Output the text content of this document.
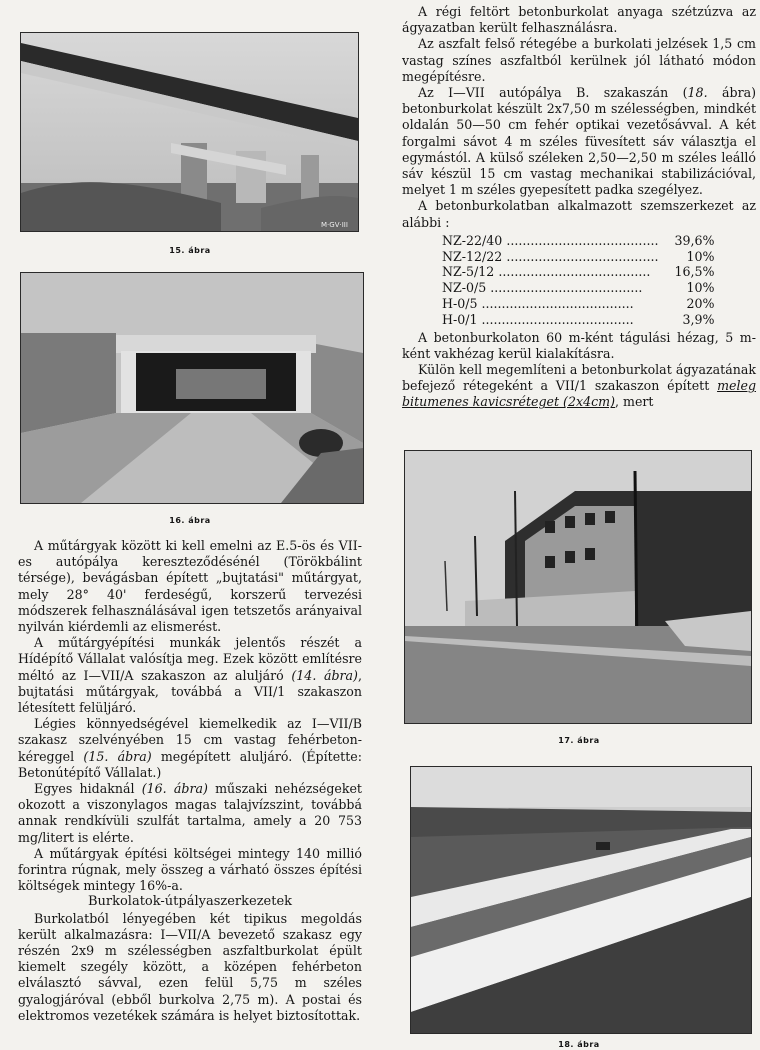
M·GV·III
15. ábra
16. ábra

A műtárgyak között ki kell emelni az E.5-ös és VII-es autópálya kereszteződésénél (Törökbálint térsége), bevágásban épített „bujtatási" műtárgyat, mely 28° 40' ferdeségű, korszerű tervezési módszerek felhasználásával igen tetszetős arányaival nyilván kiérdemli az elismerést.

A műtárgyépítési munkák jelentős részét a Hídépítő Vállalat valósítja meg. Ezek között említésre méltó az I—VII/A szakaszon az aluljáró (14. ábra), bujtatási műtárgyak, továbbá a VII/1 szakaszon létesített felüljáró.

Légies könnyedségével kiemelkedik az I—VII/B szakasz szelvényében 15 cm vastag fehérbeton-kéreggel (15. ábra) megépített aluljáró. (Építette: Betonútépítő Vállalat.)

Egyes hidaknál (16. ábra) műszaki nehézségeket okozott a viszonylagos magas talajvízszint, továbbá annak rendkívüli szulfát tartalma, amely a 20 753 mg/litert is elérte.

A műtárgyak építési költségei mintegy 140 millió forintra rúgnak, mely összeg a várható összes építési költségek mintegy 16%-a.

Burkolatok-útpályaszerkezetek

Burkolatból lényegében két tipikus megoldás került alkalmazásra: I—VII/A bevezető szakasz egy részén 2x9 m szélességben aszfaltburkolat épült kiemelt szegély között, a középen fehérbeton elválasztó sávval, ezen felül 5,75 m széles gyalogjáróval (ebből burkolva 2,75 m). A postai és elektromos vezetékek számára is helyet biztosítottak.

A régi feltört betonburkolat anyaga szétzúzva az ágyazatban került felhasználásra.

Az aszfalt felső rétegébe a burkolati jelzések 1,5 cm vastag színes aszfaltból kerülnek jól látható módon megépítésre.

Az I—VII autópálya B. szakaszán (18. ábra) betonburkolat készült 2x7,50 m szélességben, mindkét oldalán 50—50 cm fehér optikai vezetősávval. A két forgalmi sávot 4 m széles füvesített sáv választja el egymástól. A külső széleken 2,50—2,50 m széles leálló sáv készül 15 cm vastag mechanikai stabilizációval, melyet 1 m széles gyepesített padka szegélyez.

A betonburkolatban alkalmazott szemszerkezet az alábbi :

NZ-22/40 .....	39,6%
NZ-12/22 .....	10%
NZ-5/12 .....	16,5%
NZ-0/5 .....	10%
H-0/5 .....	20%
H-0/1 .....	3,9%

A betonburkolaton 60 m-ként tágulási hézag, 5 m-ként vakhézag kerül kialakításra.

Külön kell megemlíteni a betonburkolat ágyazatának befejező rétegeként a VII/1 szakaszon épített meleg bitumenes kavicsréteget (2x4cm), mert

17. ábra
18. ábra
